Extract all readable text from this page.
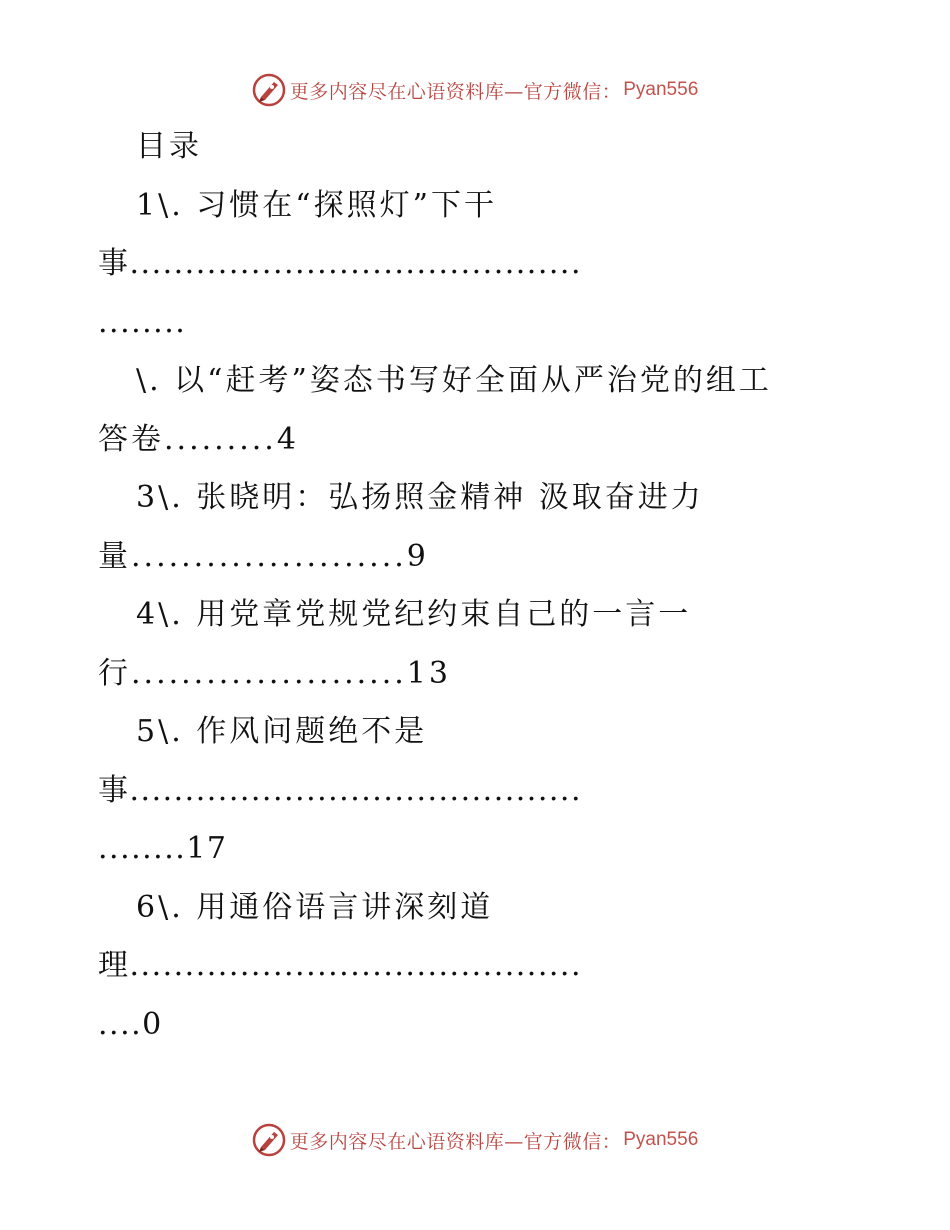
更多内容尽在心语资料库—官方微信： Pyan556
目录
1\. 习惯在“探照灯”下干
事.........................................
........
\. 以“赶考”姿态书写好全面从严治党的组工
答卷.........4
3\. 张晓明：弘扬照金精神 汲取奋进力
量......................9
4\. 用党章党规党纪约束自己的一言一
行......................13
5\. 作风问题绝不是
事.........................................
........17
6\. 用通俗语言讲深刻道
理.........................................
....0
更多内容尽在心语资料库—官方微信： Pyan556
